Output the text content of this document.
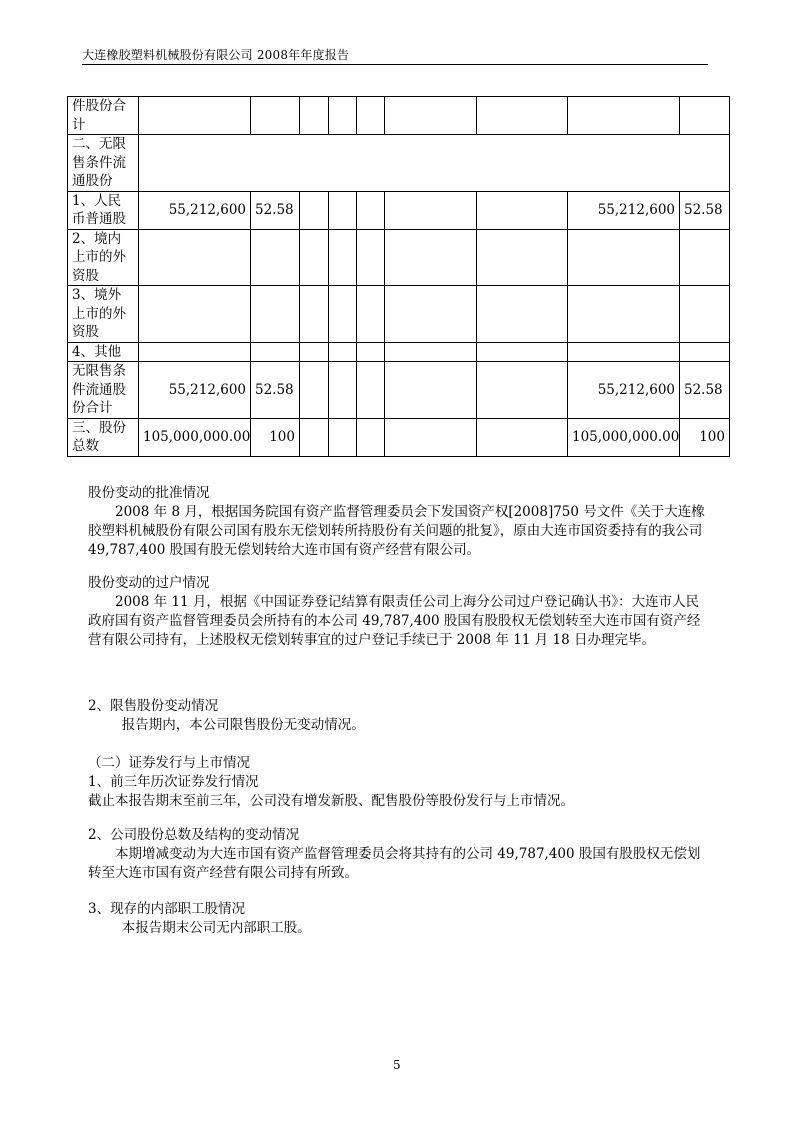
大连橡胶塑料机械股份有限公司 2008年年度报告
件股份合计									
二、无限售条件流通股份									
1、人民币普通股	55,212,600	52.58						55,212,600	52.58
2、境内上市的外资股									
3、境外上市的外资股									
4、其他									
无限售条件流通股份合计	55,212,600	52.58						55,212,600	52.58
三、股份总数	105,000,000.00	100						105,000,000.00	100

股份变动的批准情况

2008 年 8 月，根据国务院国有资产监督管理委员会下发国资产权[2008]750 号文件《关于大连橡胶塑料机械股份有限公司国有股东无偿划转所持股份有关问题的批复》，原由大连市国资委持有的我公司 49,787,400 股国有股无偿划转给大连市国有资产经营有限公司。

股份变动的过户情况

2008 年 11 月，根据《中国证券登记结算有限责任公司上海分公司过户登记确认书》：大连市人民政府国有资产监督管理委员会所持有的本公司 49,787,400 股国有股股权无偿划转至大连市国有资产经营有限公司持有，上述股权无偿划转事宜的过户登记手续已于 2008 年 11 月 18 日办理完毕。

2、限售股份变动情况

报告期内，本公司限售股份无变动情况。

（二）证券发行与上市情况

1、前三年历次证券发行情况

截止本报告期末至前三年，公司没有增发新股、配售股份等股份发行与上市情况。

2、公司股份总数及结构的变动情况

本期增减变动为大连市国有资产监督管理委员会将其持有的公司 49,787,400 股国有股股权无偿划转至大连市国有资产经营有限公司持有所致。

3、现存的内部职工股情况

本报告期末公司无内部职工股。

5
